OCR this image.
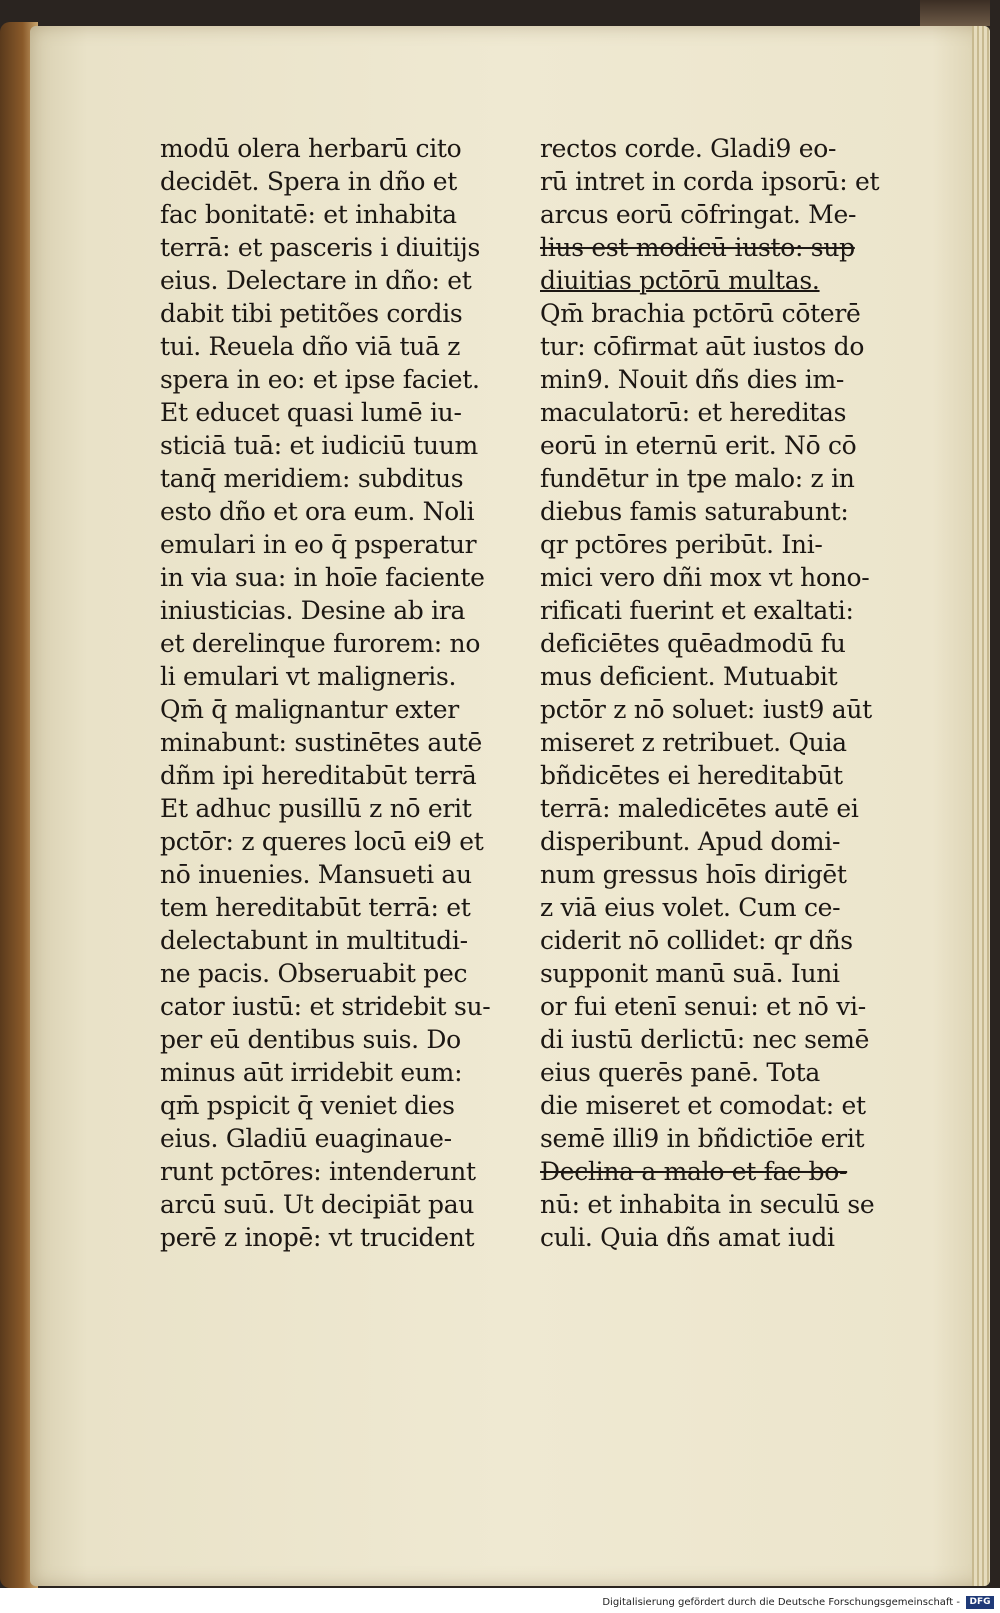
modū olera herbarū cito
decidēt. Spera in dño et
fac bonitatē: et inhabita
terrā: et pasceris i diuitijs
eius. Delectare in dño: et
dabit tibi petitões cordis
tui. Reuela dño viā tuā z
spera in eo: et ipse faciet.
Et educet quasi lumē iu-
sticiā tuā: et iudiciū tuum
tanq̄ meridiem: subditus
esto dño et ora eum. Noli
emulari in eo q̄ psperatur
in via sua: in hoīe faciente
iniusticias. Desine ab ira
et derelinque furorem: no
li emulari vt maligneris.
Qm̄ q̄ malignantur exter
minabunt: sustinētes autē
dñm ipi hereditabūt terrā
Et adhuc pusillū z nō erit
pctōr: z queres locū ei9 et
nō inuenies. Mansueti au
tem hereditabūt terrā: et
delectabunt in multitudi-
ne pacis. Obseruabit pec
cator iustū: et stridebit su-
per eū dentibus suis. Do
minus aūt irridebit eum:
qm̄ pspicit q̄ veniet dies
eius. Gladiū euaginaue-
runt pctōres: intenderunt
arcū suū. Ut decipiāt pau
perē z inopē: vt trucident
rectos corde. Gladi9 eo-
rū intret in corda ipsorū: et
arcus eorū cōfringat. Me-
lius est modicū iusto: sup
diuitias pctōrū multas.
Qm̄ brachia pctōrū cōterē
tur: cōfirmat aūt iustos do
min9. Nouit dñs dies im-
maculatorū: et hereditas
eorū in eternū erit. Nō cō
fundētur in tpe malo: z in
diebus famis saturabunt:
qr pctōres peribūt. Ini-
mici vero dñi mox vt hono-
rificati fuerint et exaltati:
deficiētes quēadmodū fu
mus deficient. Mutuabit
pctōr z nō soluet: iust9 aūt
miseret z retribuet. Quia
bñdicētes ei hereditabūt
terrā: maledicētes autē ei
disperibunt. Apud domi-
num gressus hoīs dirigēt
z viā eius volet. Cum ce-
ciderit nō collidet: qr dñs
supponit manū suā. Iuni
or fui etenī senui: et nō vi-
di iustū derlictū: nec semē
eius querēs panē. Tota
die miseret et comodat: et
semē illi9 in bñdictiōe erit
Declina a malo et fac bo-
nū: et inhabita in seculū se
culi. Quia dñs amat iudi
Digitalisierung gefördert durch die Deutsche Forschungsgemeinschaft -	DFG
